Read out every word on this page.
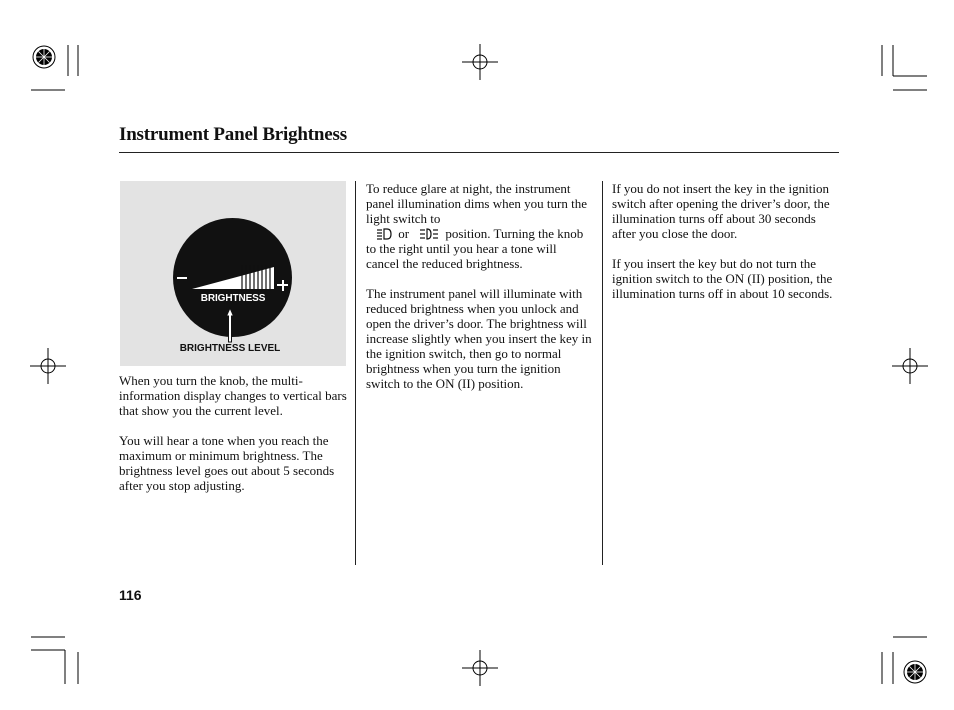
Instrument Panel Brightness
BRIGHTNESS
BRIGHTNESS LEVEL

When you turn the knob, the multi-information display changes to vertical bars that show you the current level.

You will hear a tone when you reach the maximum or minimum brightness. The brightness level goes out about 5 seconds after you stop adjusting.

To reduce glare at night, the instrument panel illumination dims when you turn the light switch to
or	position. Turning the knob to the right until you hear a tone will cancel the reduced brightness.

The instrument panel will illuminate with reduced brightness when you unlock and open the driver’s door. The brightness will increase slightly when you insert the key in the ignition switch, then go to normal brightness when you turn the ignition switch to the ON (II) position.

If you do not insert the key in the ignition switch after opening the driver’s door, the illumination turns off about 30 seconds after you close the door.

If you insert the key but do not turn the ignition switch to the ON (II) position, the illumination turns off in about 10 seconds.

116
